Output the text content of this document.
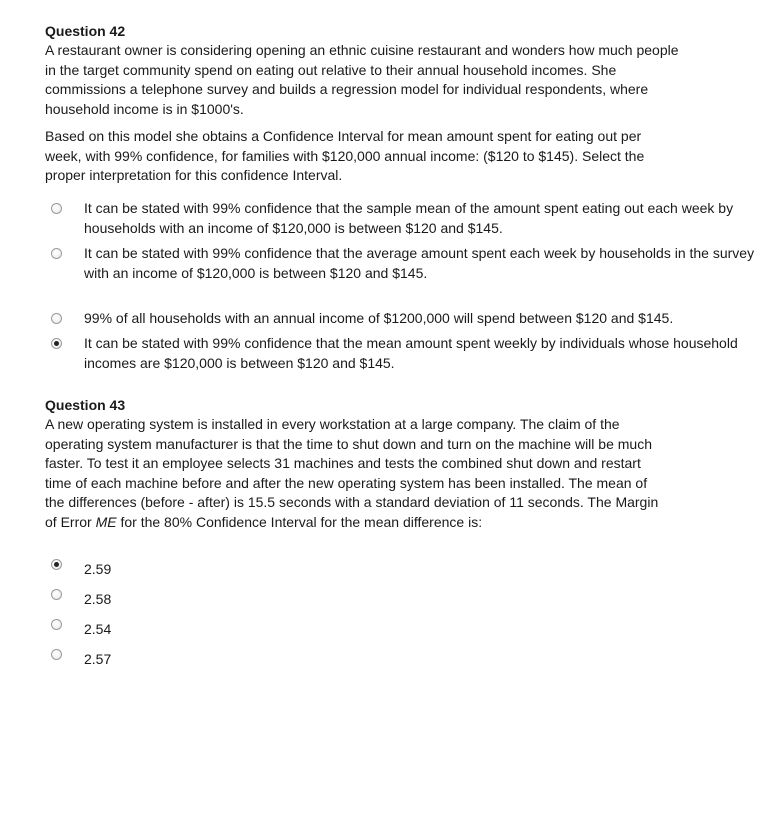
Question 42

A restaurant owner is considering opening an ethnic cuisine restaurant and wonders how much people in the target community spend on eating out relative to their annual household incomes. She commissions a telephone survey and builds a regression model for individual respondents, where household income is in $1000's.

Based on this model she obtains a Confidence Interval for mean amount spent for eating out per week, with 99% confidence, for families with $120,000 annual income: ($120 to $145). Select the proper interpretation for this confidence Interval.

It can be stated with 99% confidence that the sample mean of the amount spent eating out each week by households with an income of $120,000 is between $120 and $145.
It can be stated with 99% confidence that the average amount spent each week by households in the survey with an income of $120,000 is between $120 and $145.
99% of all households with an annual income of $1200,000 will spend between $120 and $145.
It can be stated with 99% confidence that the mean amount spent weekly by individuals whose household incomes are $120,000 is between $120 and $145.

Question 43

A new operating system is installed in every workstation at a large company. The claim of the operating system manufacturer is that the time to shut down and turn on the machine will be much faster. To test it an employee selects 31 machines and tests the combined shut down and restart time of each machine before and after the new operating system has been installed. The mean of the differences (before - after) is 15.5 seconds with a standard deviation of 11 seconds. The Margin of Error ME for the 80% Confidence Interval for the mean difference is:

2.59
2.58
2.54
2.57
